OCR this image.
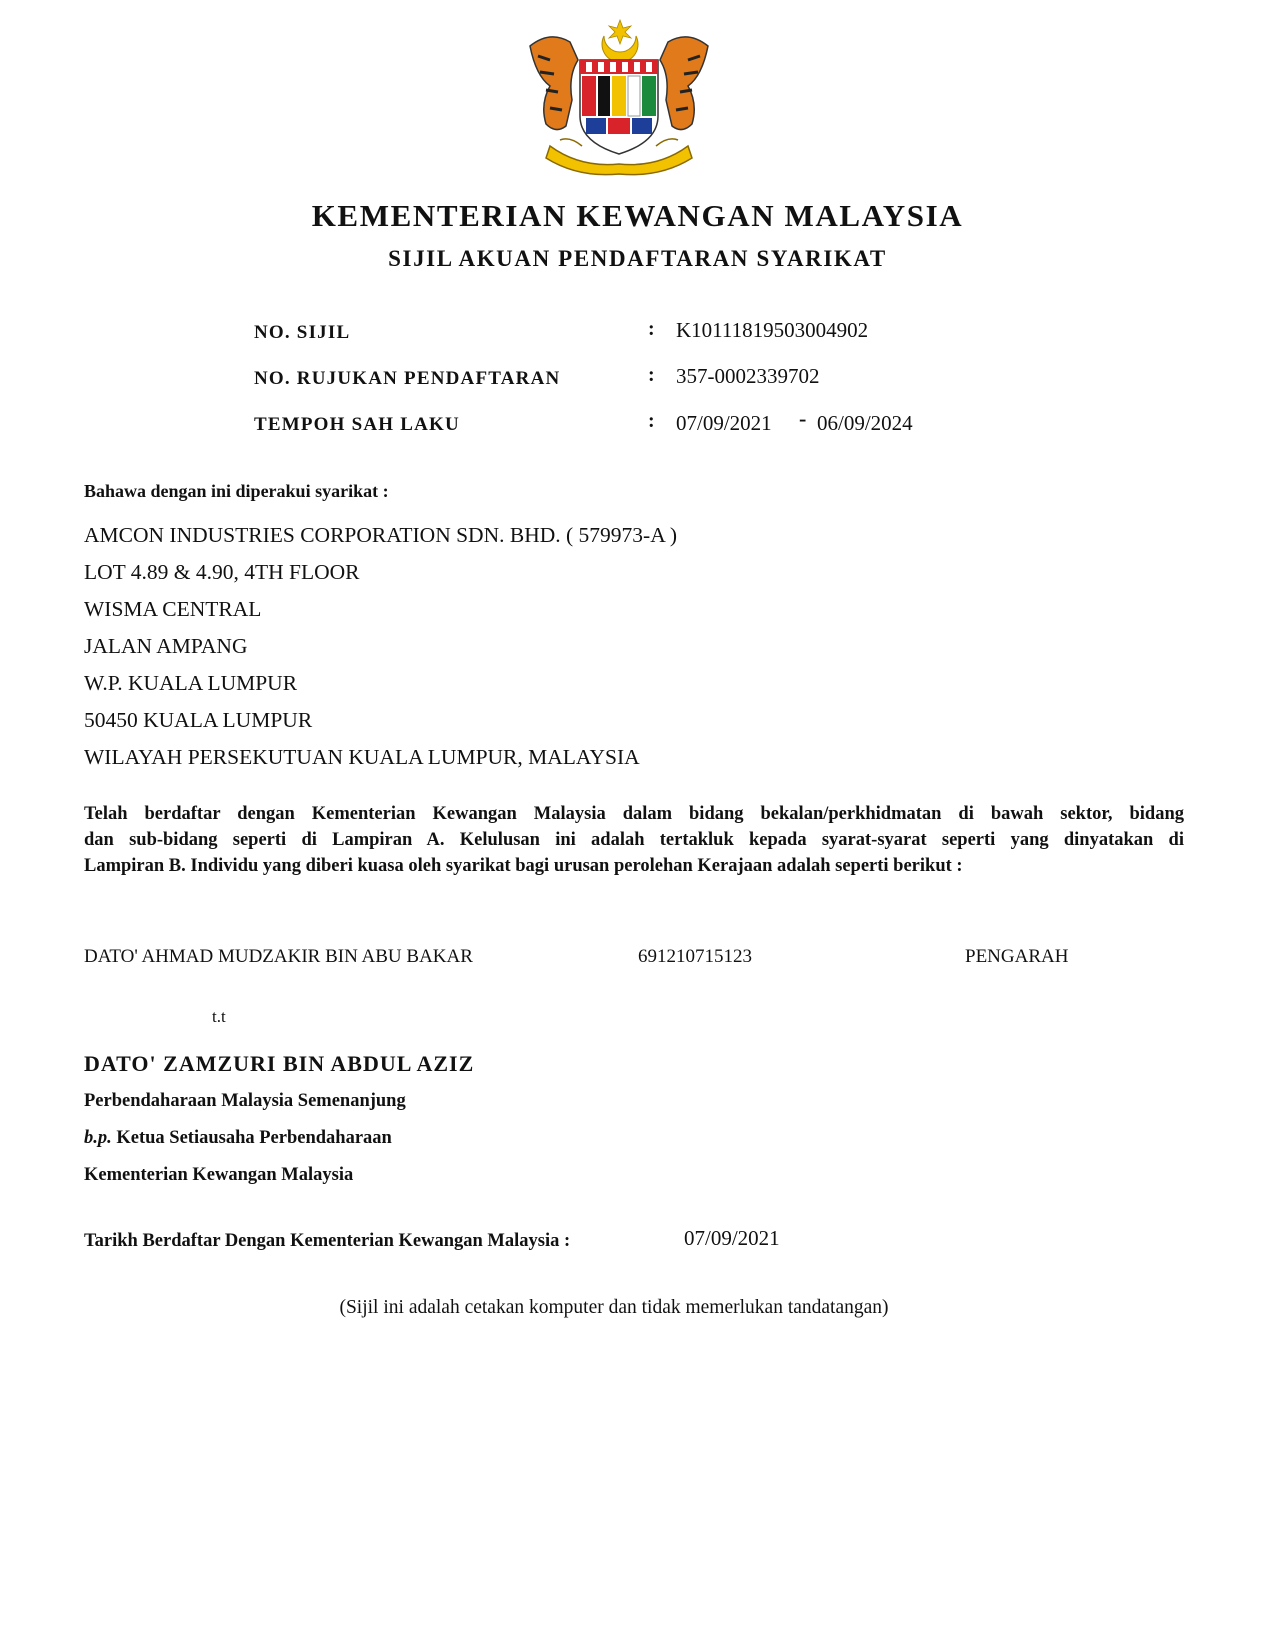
KEMENTERIAN KEWANGAN MALAYSIA
SIJIL AKUAN PENDAFTARAN SYARIKAT
NO. SIJIL	: K10111819503004902
NO. RUJUKAN PENDAFTARAN	: 357-0002339702
TEMPOH SAH LAKU	: 07/09/2021 - 06/09/2024
Bahawa dengan ini diperakui syarikat :
AMCON INDUSTRIES CORPORATION SDN. BHD. ( 579973-A )
LOT 4.89 & 4.90, 4TH FLOOR
WISMA CENTRAL
JALAN AMPANG
W.P. KUALA LUMPUR
50450 KUALA LUMPUR
WILAYAH PERSEKUTUAN KUALA LUMPUR, MALAYSIA
Telah berdaftar dengan Kementerian Kewangan Malaysia dalam bidang bekalan/perkhidmatan di bawah sektor, bidang
dan sub-bidang seperti di Lampiran A. Kelulusan ini adalah tertakluk kepada syarat-syarat seperti yang dinyatakan di
Lampiran B. Individu yang diberi kuasa oleh syarikat bagi urusan perolehan Kerajaan adalah seperti berikut :
DATO' AHMAD MUDZAKIR BIN ABU BAKAR	691210715123	PENGARAH
t.t
DATO' ZAMZURI BIN ABDUL AZIZ
Perbendaharaan Malaysia Semenanjung
b.p. Ketua Setiausaha Perbendaharaan
Kementerian Kewangan Malaysia
Tarikh Berdaftar Dengan Kementerian Kewangan Malaysia :	07/09/2021
(Sijil ini adalah cetakan komputer dan tidak memerlukan tandatangan)
